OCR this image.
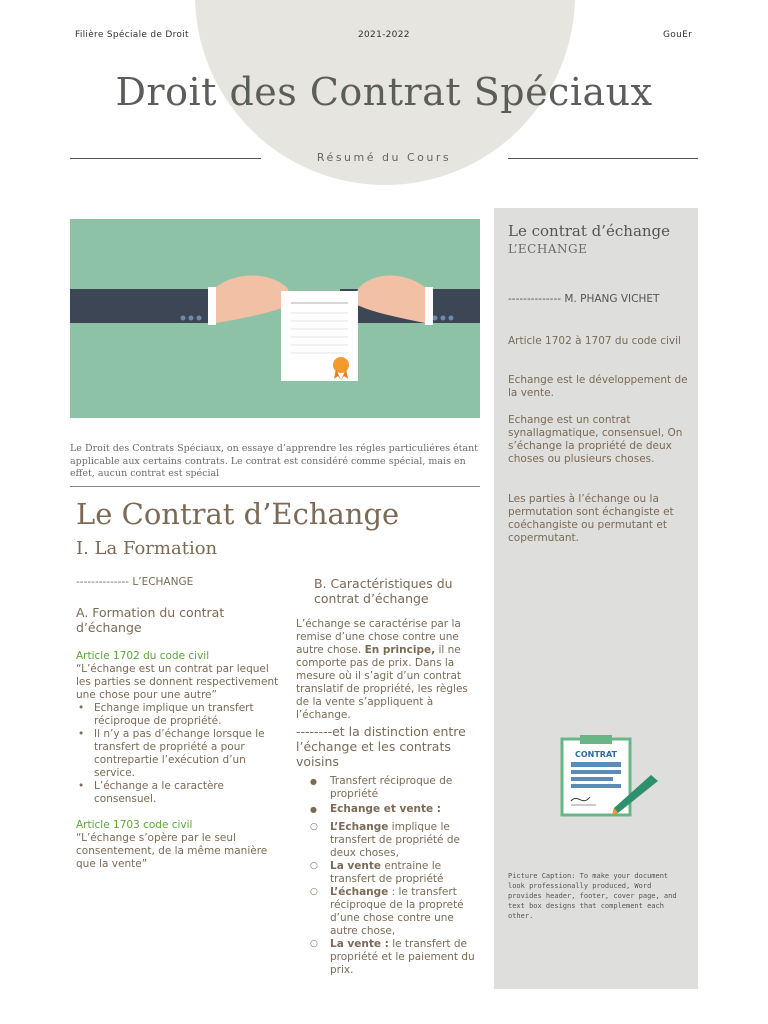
Filière Spéciale de Droit	2021-2022	GouEr
Droit des Contrat Spéciaux
Résumé du Cours
Le Droit des Contrats Spéciaux, on essaye d’apprendre les régles particuliéres étant applicable aux certains contrats. Le contrat est considéré comme spécial, mais en effet, aucun contrat est spécial
Le Contrat d’Echange
I. La Formation
-------------- L’ECHANGE
A. Formation du contrat d’échange
Article 1702 du code civil
“L’échange est un contrat par lequel les parties se donnent respectivement une chose pour une autre”
• Echange implique un transfert réciproque de propriété.
• Il n’y a pas d’échange lorsque le transfert de propriété a pour contrepartie l’exécution d’un service.
• L’échange a le caractère consensuel.
Article 1703 code civil
“L’échange s’opère par le seul consentement, de la même manière que la vente”
B. Caractéristiques du contrat d’échange
L’échange se caractérise par la remise d’une chose contre une autre chose. En principe, il ne comporte pas de prix. Dans la mesure où il s’agit d’un contrat translatif de propriété, les règles de la vente s’appliquent à l’échange.
--------et la distinction entre l’échange et les contrats voisins
● Transfert réciproque de propriété
● Echange et vente :
○ L’Echange implique le transfert de propriété de deux choses,
○ La vente entraine le transfert de propriété
○ L’échange : le transfert réciproque de la propreté d’une chose contre une autre chose,
○ La vente : le transfert de propriété et le paiement du prix.
Le contrat d’échange
L’ECHANGE
-------------- M. PHANG VICHET
Article 1702 à 1707 du code civil
Echange est le développement de la vente.
Echange est un contrat synallagmatique, consensuel, On s’échange la propriété de deux choses ou plusieurs choses.
Les parties à l’échange ou la permutation sont échangiste et coéchangiste ou permutant et copermutant.
CONTRAT
Picture Caption: To make your document look professionally produced, Word provides header, footer, cover page, and text box designs that complement each other.
